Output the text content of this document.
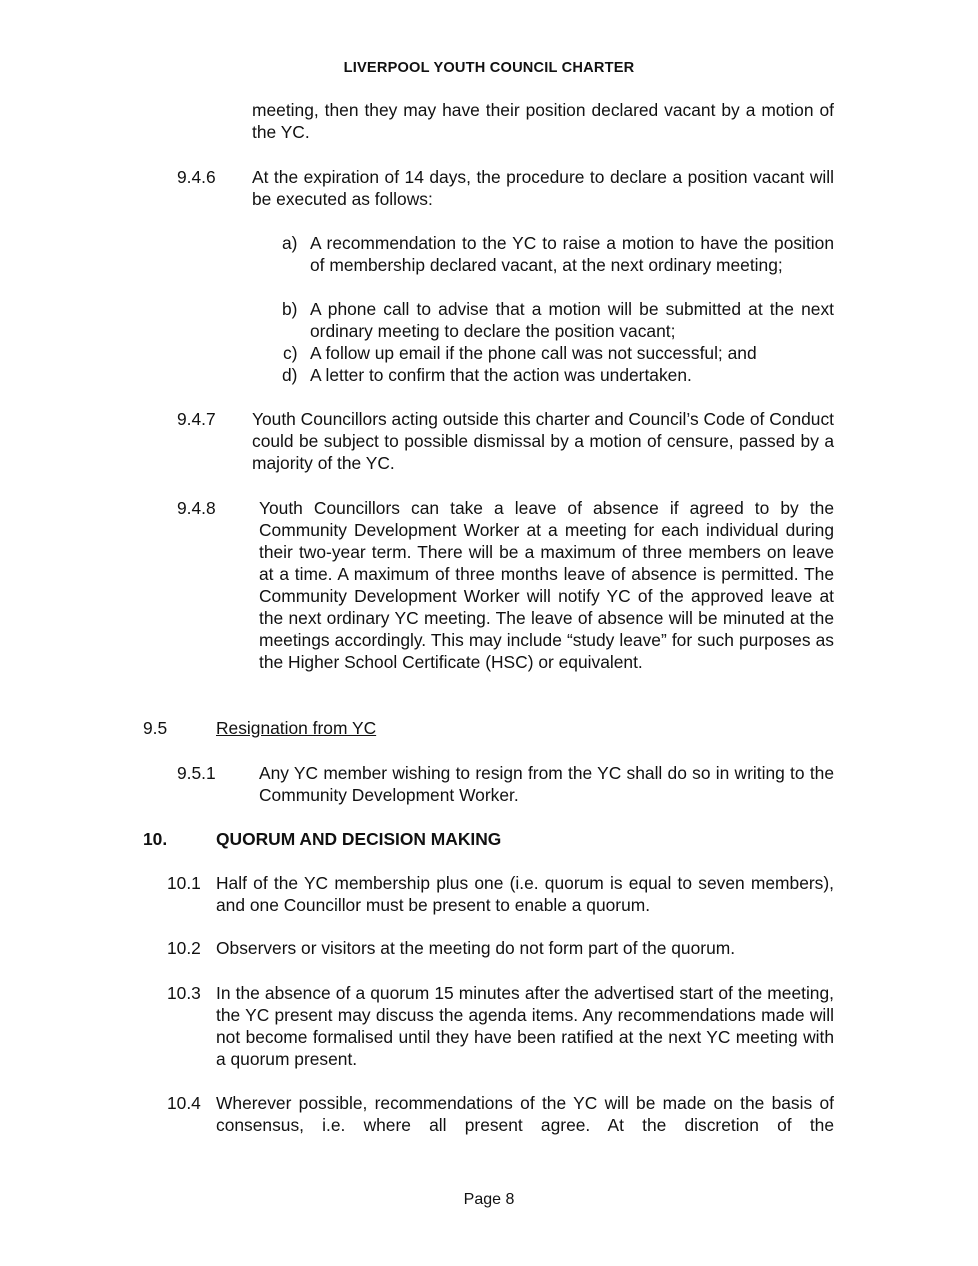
LIVERPOOL YOUTH COUNCIL CHARTER
meeting, then they may have their position declared vacant by a motion of the YC.
9.4.6 At the expiration of 14 days, the procedure to declare a position vacant will be executed as follows:
a) A recommendation to the YC to raise a motion to have the position of membership declared vacant, at the next ordinary meeting;
b) A phone call to advise that a motion will be submitted at the next ordinary meeting to declare the position vacant;
c) A follow up email if the phone call was not successful; and
d) A letter to confirm that the action was undertaken.
9.4.7 Youth Councillors acting outside this charter and Council’s Code of Conduct could be subject to possible dismissal by a motion of censure, passed by a majority of the YC.
9.4.8 Youth Councillors can take a leave of absence if agreed to by the Community Development Worker at a meeting for each individual during their two-year term. There will be a maximum of three members on leave at a time. A maximum of three months leave of absence is permitted. The Community Development Worker will notify YC of the approved leave at the next ordinary YC meeting. The leave of absence will be minuted at the meetings accordingly. This may include “study leave” for such purposes as the Higher School Certificate (HSC) or equivalent.
9.5	Resignation from YC
9.5.1 Any YC member wishing to resign from the YC shall do so in writing to the Community Development Worker.
10.	QUORUM AND DECISION MAKING
10.1 Half of the YC membership plus one (i.e. quorum is equal to seven members), and one Councillor must be present to enable a quorum.
10.2 Observers or visitors at the meeting do not form part of the quorum.
10.3 In the absence of a quorum 15 minutes after the advertised start of the meeting, the YC present may discuss the agenda items. Any recommendations made will not become formalised until they have been ratified at the next YC meeting with a quorum present.
10.4 Wherever possible, recommendations of the YC will be made on the basis of consensus, i.e. where all present agree. At the discretion of the
Page 8
